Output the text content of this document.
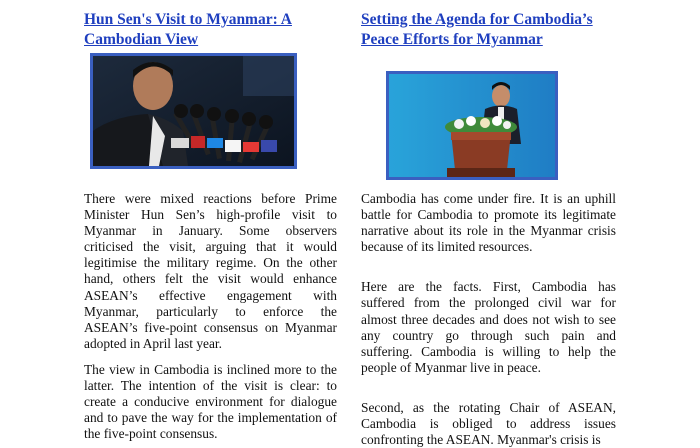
Hun Sen's Visit to Myanmar: A Cambodian View

There were mixed reactions before Prime Minister Hun Sen’s high-profile visit to Myanmar in January. Some observers criticised the visit, arguing that it would legitimise the military regime. On the other hand, others felt the visit would enhance ASEAN’s effective engagement with Myanmar, particularly to enforce the ASEAN’s five-point consensus on Myanmar adopted in April last year.

The view in Cambodia is inclined more to the latter. The intention of the visit is clear: to create a conducive environment for dialogue and to pave the way for the implementation of the five-point consensus.

Setting the Agenda for Cambodia’s Peace Efforts for Myanmar

Cambodia has come under fire. It is an uphill battle for Cambodia to promote its legitimate narrative about its role in the Myanmar crisis because of its limited resources.

Here are the facts. First, Cambodia has suffered from the prolonged civil war for almost three decades and does not wish to see any country go through such pain and suffering. Cambodia is willing to help the people of Myanmar live in peace.

Second, as the rotating Chair of ASEAN, Cambodia is obliged to address issues confronting the ASEAN. Myanmar's crisis is
